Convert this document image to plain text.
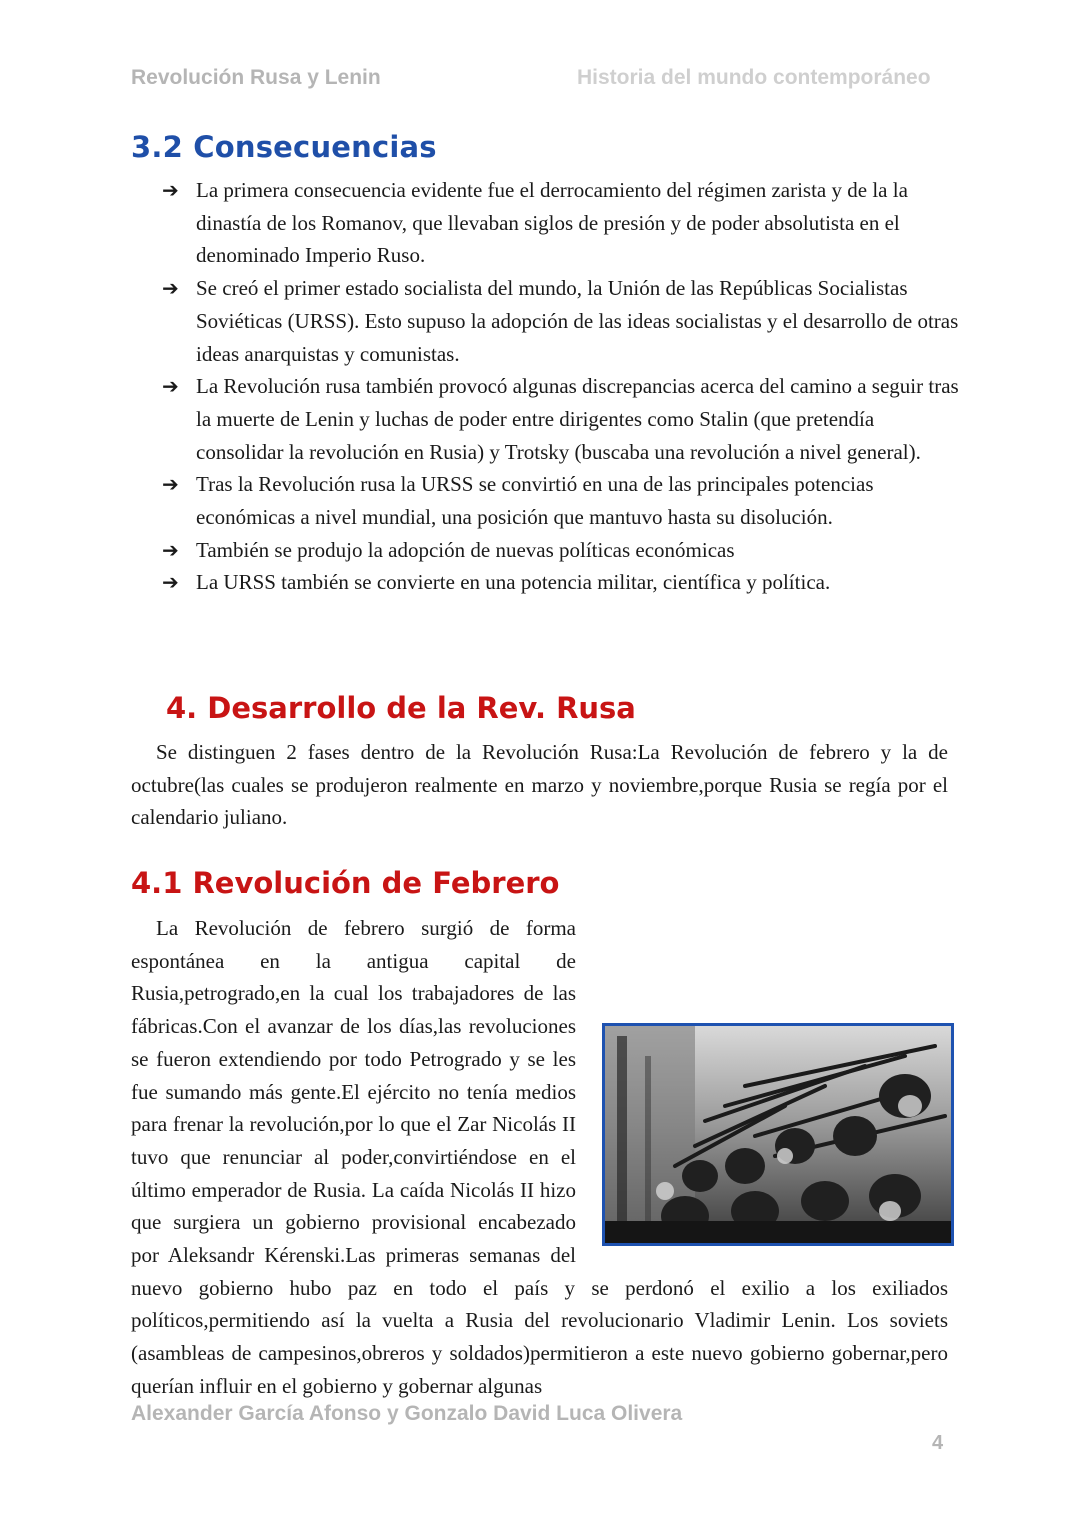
Revolución Rusa y Lenin	Historia del mundo contemporáneo
3.2 Consecuencias
➔ La primera consecuencia evidente fue el derrocamiento del régimen zarista y de la la dinastía de los Romanov, que llevaban siglos de presión y de poder absolutista en el denominado Imperio Ruso.
➔ Se creó el primer estado socialista del mundo, la Unión de las Repúblicas Socialistas Soviéticas (URSS). Esto supuso la adopción de las ideas socialistas y el desarrollo de otras ideas anarquistas y comunistas.
➔ La Revolución rusa también provocó algunas discrepancias acerca del camino a seguir tras la muerte de Lenin y luchas de poder entre dirigentes como Stalin (que pretendía consolidar la revolución en Rusia) y Trotsky (buscaba una revolución a nivel general).
➔ Tras la Revolución rusa la URSS se convirtió en una de las principales potencias económicas a nivel mundial, una posición que mantuvo hasta su disolución.
➔ También se produjo la adopción de nuevas políticas económicas
➔ La URSS también se convierte en una potencia militar, científica y política.
4. Desarrollo de la Rev. Rusa

Se distinguen 2 fases dentro de la Revolución Rusa:La Revolución de febrero y la de octubre(las cuales se produjeron realmente en marzo y noviembre,porque Rusia se regía por el calendario juliano.

4.1 Revolución de Febrero

La Revolución de febrero surgió de forma espontánea en la antigua capital de Rusia,petrogrado,en la cual los trabajadores de las fábricas.Con el avanzar de los días,las revoluciones se fueron extendiendo por todo Petrogrado y se les fue sumando más gente.El ejército no tenía medios para frenar la revolución,por lo que el Zar Nicolás II tuvo que renunciar al poder,convirtiéndose en el último emperador de Rusia. La caída Nicolás II hizo que surgiera un gobierno provisional encabezado por Aleksandr Kérenski.Las primeras semanas del nuevo gobierno hubo paz en todo el país y se perdonó el exilio a los exiliados políticos,permitiendo así la vuelta a Rusia del revolucionario Vladimir Lenin. Los soviets (asambleas de campesinos,obreros y soldados)permitieron a este nuevo gobierno gobernar,pero querían influir en el gobierno y gobernar algunas

Alexander García Afonso y Gonzalo David Luca Olivera
4
